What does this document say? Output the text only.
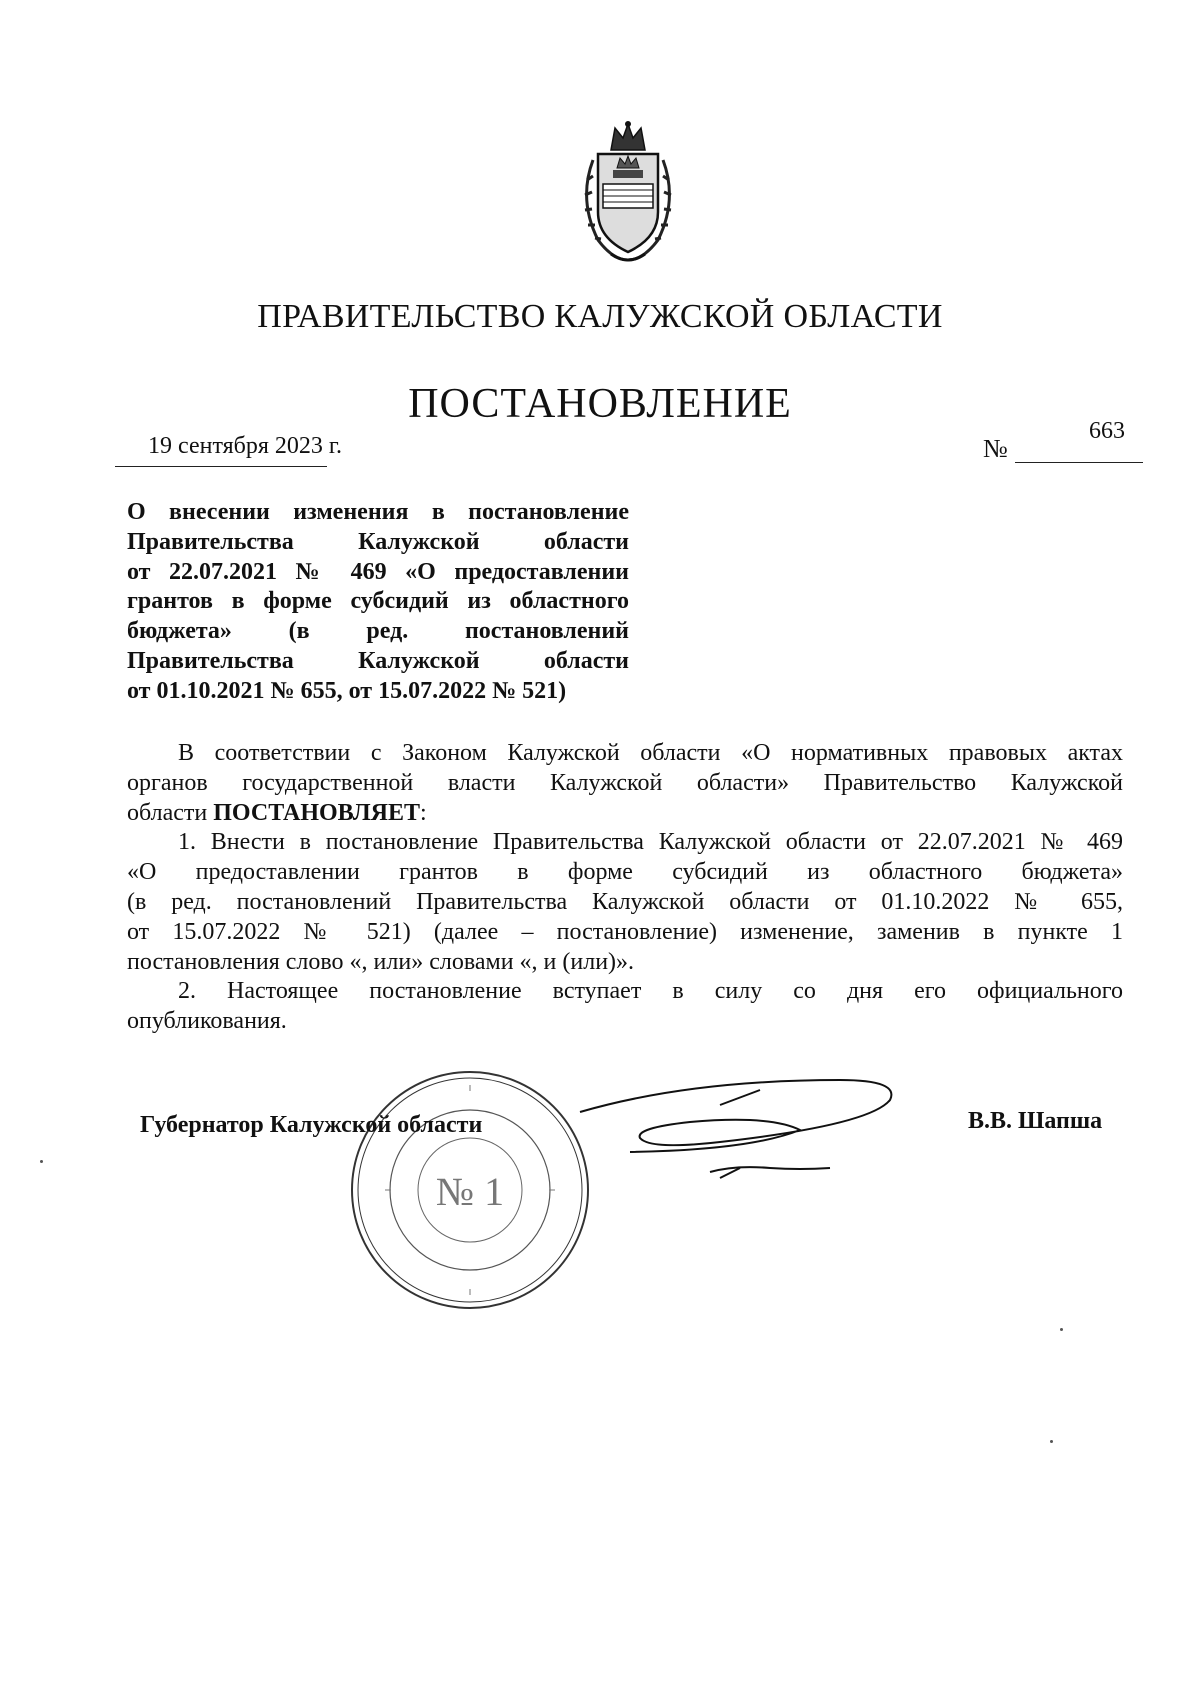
ПРАВИТЕЛЬСТВО КАЛУЖСКОЙ ОБЛАСТИ
ПОСТАНОВЛЕНИЕ
19 сентября 2023 г.	№
663
О внесении изменения в постановление
Правительства Калужской области
от 22.07.2021 № 469 «О предоставлении
грантов в форме субсидий из областного
бюджета» (в ред. постановлений
Правительства Калужской области
от 01.10.2021 № 655, от 15.07.2022 № 521)
В соответствии с Законом Калужской области «О нормативных правовых актах
органов государственной власти Калужской области» Правительство Калужской
области ПОСТАНОВЛЯЕТ:
1. Внести в постановление Правительства Калужской области от 22.07.2021 № 469
«О предоставлении грантов в форме субсидий из областного бюджета»
(в ред. постановлений Правительства Калужской области от 01.10.2022 № 655,
от 15.07.2022 № 521) (далее – постановление) изменение, заменив в пункте 1
постановления слово «, или» словами «, и (или)».
2. Настоящее постановление вступает в силу со дня его официального
опубликования.
№ 1
Губернатор Калужской области	В.В. Шапша
